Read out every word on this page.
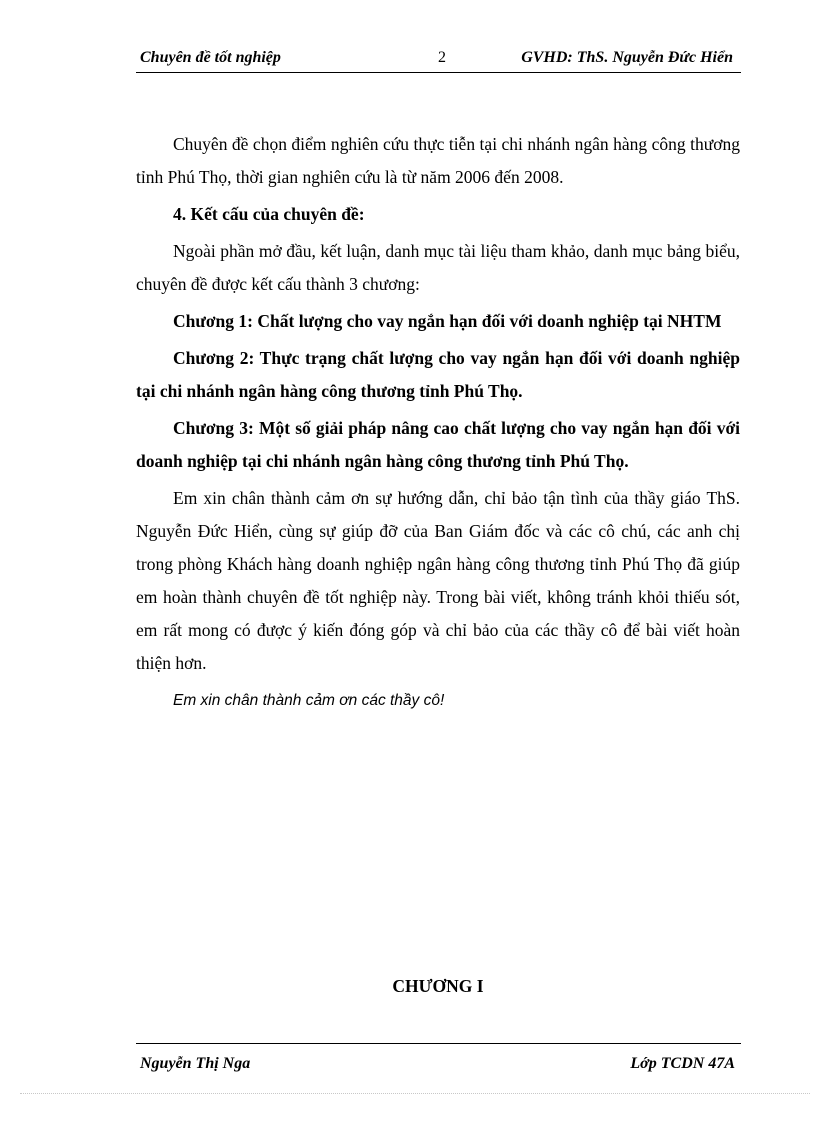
Chuyên đề tốt nghiệp	2	GVHD: ThS. Nguyễn Đức Hiển

Chuyên đề chọn điểm nghiên cứu thực tiễn tại chi nhánh ngân hàng công thương tỉnh Phú Thọ, thời gian nghiên cứu là từ năm 2006 đến 2008.

4. Kết cấu của chuyên đề:

Ngoài phần mở đầu, kết luận, danh mục tài liệu tham khảo, danh mục bảng biểu, chuyên đề được kết cấu thành 3 chương:

Chương 1: Chất lượng cho vay ngắn hạn đối với doanh nghiệp tại NHTM

Chương 2: Thực trạng chất lượng cho vay ngắn hạn đối với doanh nghiệp tại chi nhánh ngân hàng công thương tỉnh Phú Thọ.

Chương 3: Một số giải pháp nâng cao chất lượng cho vay ngắn hạn đối với doanh nghiệp tại chi nhánh ngân hàng công thương tỉnh Phú Thọ.

Em xin chân thành cảm ơn sự hướng dẫn, chỉ bảo tận tình của thầy giáo ThS. Nguyễn Đức Hiển, cùng sự giúp đỡ của Ban Giám đốc và các cô chú, các anh chị trong phòng Khách hàng doanh nghiệp ngân hàng công thương tỉnh Phú Thọ đã giúp em hoàn thành chuyên đề tốt nghiệp này. Trong bài viết, không tránh khỏi thiếu sót, em rất mong có được ý kiến đóng góp và chỉ bảo của các thầy cô để bài viết hoàn thiện hơn.

Em xin chân thành cảm ơn các thầy cô!

CHƯƠNG I
Nguyễn Thị Nga	Lớp TCDN 47A
